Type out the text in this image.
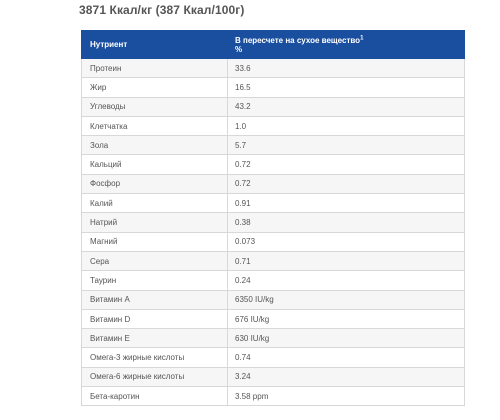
3871 Ккал/кг (387 Ккал/100г)
Нутриент	В пересчете на сухое вещество$^1$
%
Протеин	33.6
Жир	16.5
Углеводы	43.2
Клетчатка	1.0
Зола	5.7
Кальций	0.72
Фосфор	0.72
Калий	0.91
Натрий	0.38
Магний	0.073
Сера	0.71
Таурин	0.24
Витамин A	6350 IU/kg
Витамин D	676 IU/kg
Витамин E	630 IU/kg
Омега-3 жирные кислоты	0.74
Омега-6 жирные кислоты	3.24
Бета-каротин	3.58 ppm
